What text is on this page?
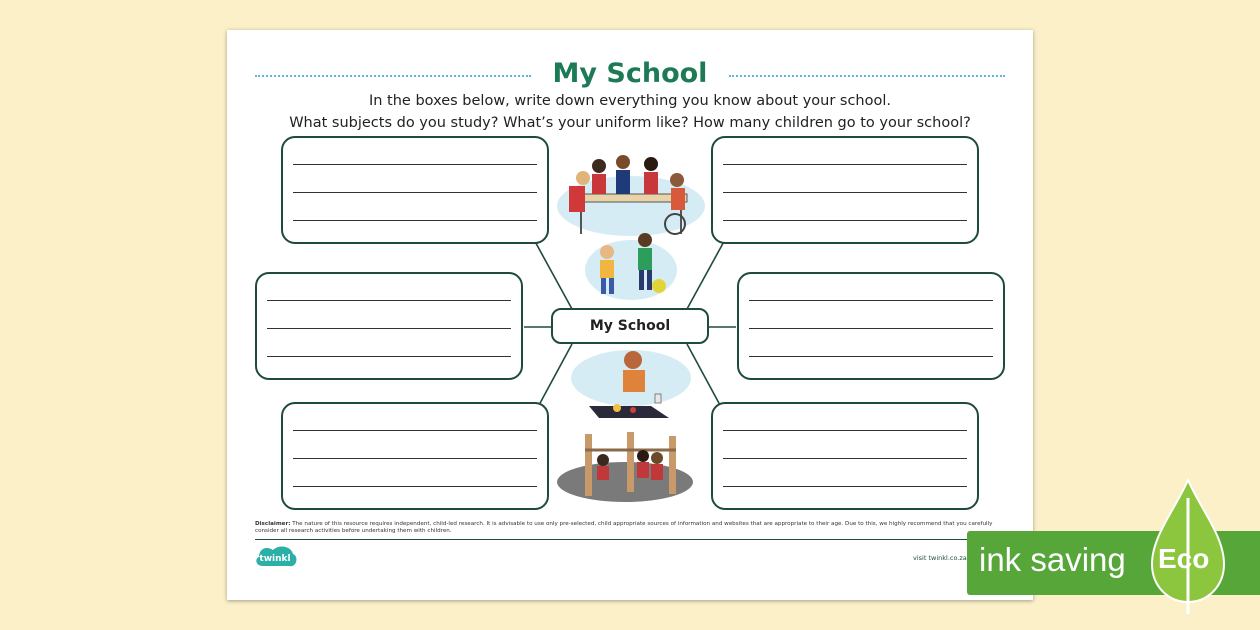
My School
In the boxes below, write down everything you know about your school.
What subjects do you study? What’s your uniform like? How many children go to your school?
My School
Disclaimer: The nature of this resource requires independent, child-led research. It is advisable to use only pre-selected, child appropriate sources of information and websites that are appropriate to their age. Due to this, we highly recommend that you carefully consider all research activities before undertaking them with children.
twinkl	visit twinkl.co.za ink saving Eco
